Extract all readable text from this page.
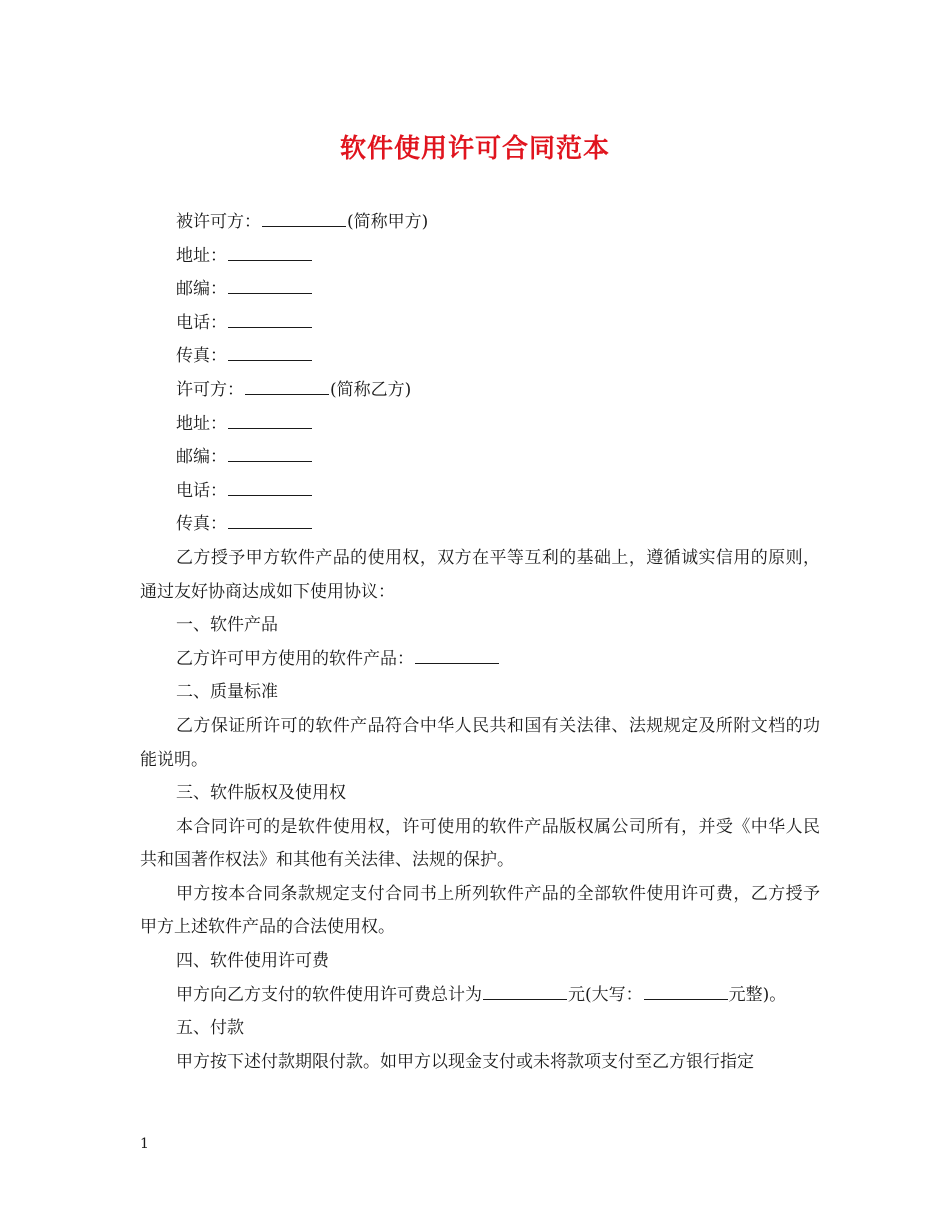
软件使用许可合同范本
被许可方：	(简称甲方)
地址：
邮编：
电话：
传真：
许可方：	(简称乙方)
地址：
邮编：
电话：
传真：

乙方授予甲方软件产品的使用权，双方在平等互利的基础上，遵循诚实信用的原则，通过友好协商达成如下使用协议：

一、软件产品
乙方许可甲方使用的软件产品：
二、质量标准

乙方保证所许可的软件产品符合中华人民共和国有关法律、法规规定及所附文档的功能说明。

三、软件版权及使用权

本合同许可的是软件使用权，许可使用的软件产品版权属公司所有，并受《中华人民共和国著作权法》和其他有关法律、法规的保护。

甲方按本合同条款规定支付合同书上所列软件产品的全部软件使用许可费，乙方授予甲方上述软件产品的合法使用权。

四、软件使用许可费
甲方向乙方支付的软件使用许可费总计为	元(大写：	元整)。
五、付款
甲方按下述付款期限付款。如甲方以现金支付或未将款项支付至乙方银行指定
1
